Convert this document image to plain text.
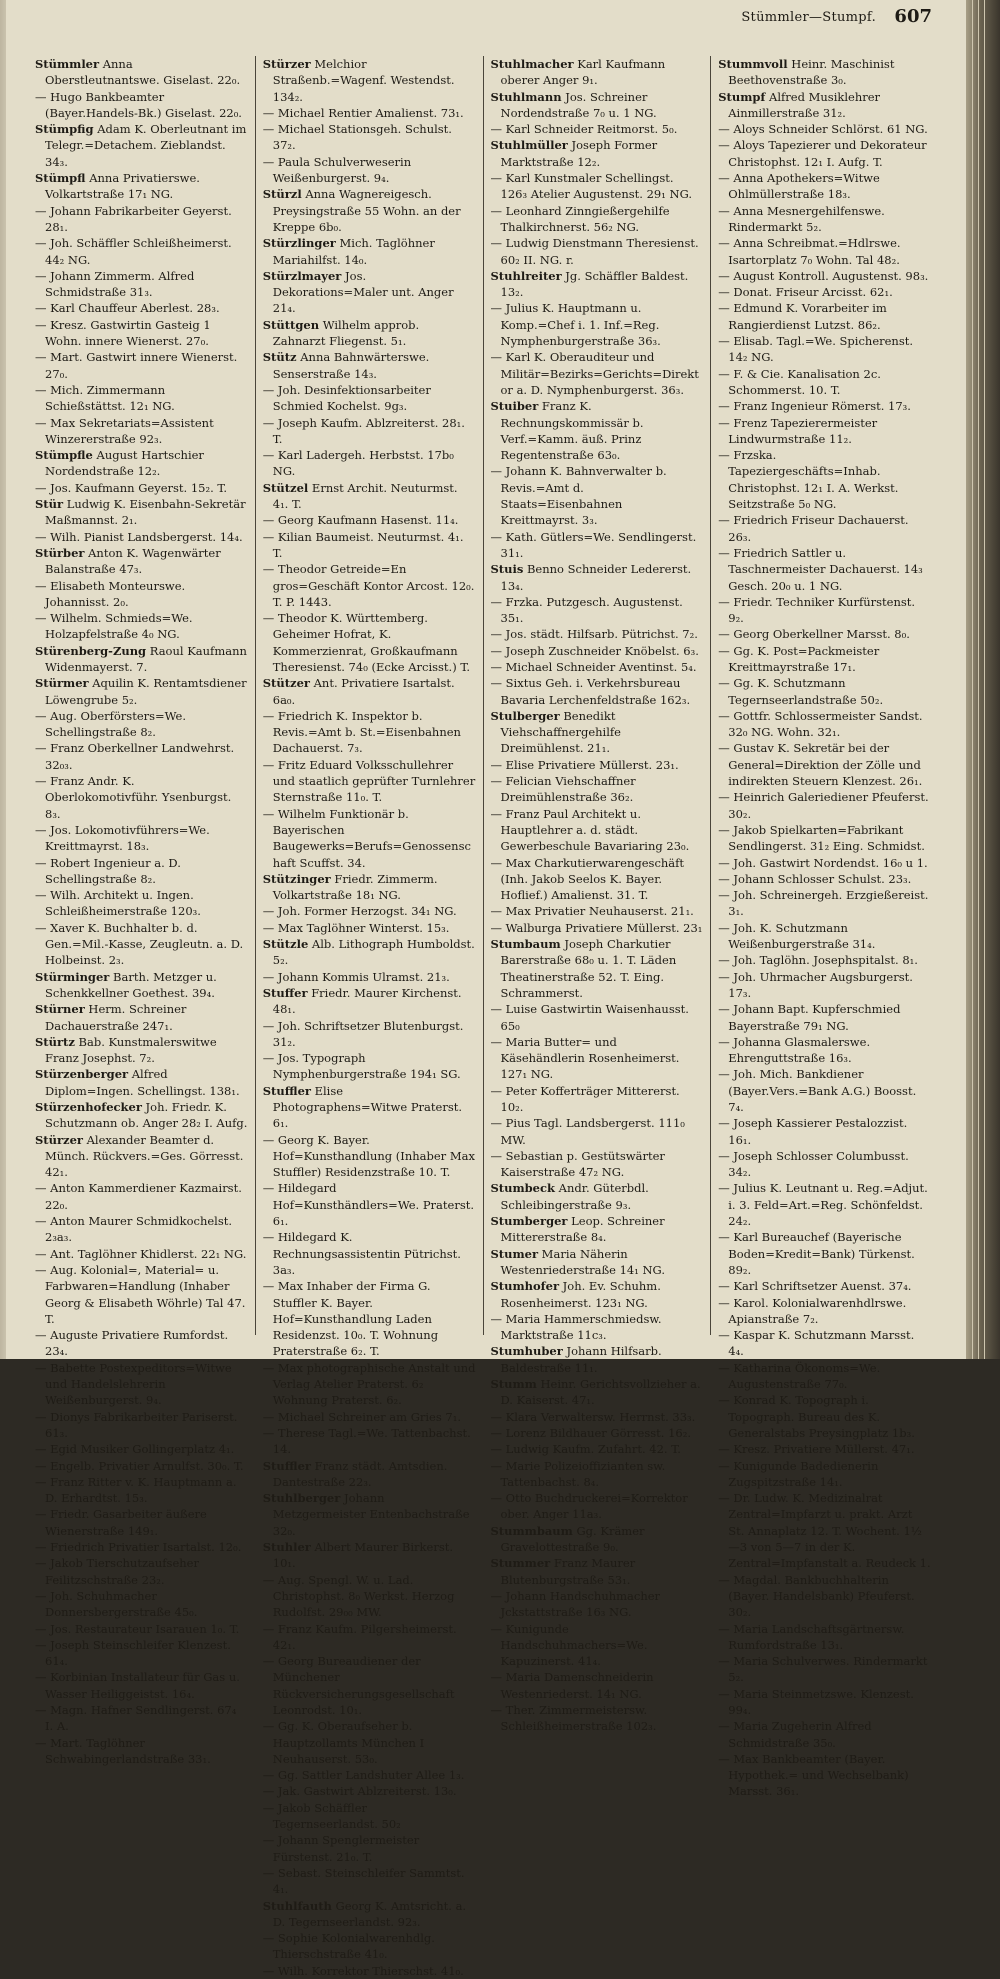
Stümmler—Stumpf. 607

Stümmler Anna Oberstleutnantswe. Giselast. 22₀.

— Hugo Bankbeamter (Bayer.Handels-Bk.) Giselast. 22₀.

Stümpfig Adam K. Oberleutnant im Telegr.=Detachem. Zieblandst. 34₃.

Stümpfl Anna Privatierswe. Volkartstraße 17₁ NG.

— Johann Fabrikarbeiter Geyerst. 28₁.

— Joh. Schäffler Schleißheimerst. 44₂ NG.

— Johann Zimmerm. Alfred Schmidstraße 31₃.

— Karl Chauffeur Aberlest. 28₃.

— Kresz. Gastwirtin Gasteig 1 Wohn. innere Wienerst. 27₀.

— Mart. Gastwirt innere Wienerst. 27₀.

— Mich. Zimmermann Schießstättst. 12₁ NG.

— Max Sekretariats=Assistent Winzererstraße 92₃.

Stümpfle August Hartschier Nordendstraße 12₂.

— Jos. Kaufmann Geyerst. 15₂. T.

Stür Ludwig K. Eisenbahn-Sekretär Maßmannst. 2₁.

— Wilh. Pianist Landsbergerst. 14₄.

Stürber Anton K. Wagenwärter Balanstraße 47₃.

— Elisabeth Monteurswe. Johannisst. 2₀.

— Wilhelm. Schmieds=We. Holzapfelstraße 4₀ NG.

Stürenberg-Zung Raoul Kaufmann Widenmayerst. 7.

Stürmer Aquilin K. Rentamtsdiener Löwengrube 5₂.

— Aug. Oberförsters=We. Schellingstraße 8₂.

— Franz Oberkellner Landwehrst. 32₀₃.

— Franz Andr. K. Oberlokomotivführ. Ysenburgst. 8₃.

— Jos. Lokomotivführers=We. Kreittmayrst. 18₃.

— Robert Ingenieur a. D. Schellingstraße 8₂.

— Wilh. Architekt u. Ingen. Schleißheimerstraße 120₃.

— Xaver K. Buchhalter b. d. Gen.=Mil.-Kasse, Zeugleutn. a. D. Holbeinst. 2₃.

Stürminger Barth. Metzger u. Schenkkellner Goethest. 39₄.

Stürner Herm. Schreiner Dachauerstraße 247₁.

Stürtz Bab. Kunstmalerswitwe Franz Josephst. 7₂.

Stürzenberger Alfred Diplom=Ingen. Schellingst. 138₁.

Stürzenhofecker Joh. Friedr. K. Schutzmann ob. Anger 28₂ I. Aufg.

Stürzer Alexander Beamter d. Münch. Rückvers.=Ges. Görresst. 42₁.

— Anton Kammerdiener Kazmairst. 22₀.

— Anton Maurer Schmidkochelst. 2₃a₃.

— Ant. Taglöhner Khidlerst. 22₁ NG.

— Aug. Kolonial=, Material= u. Farbwaren=Handlung (Inhaber Georg & Elisabeth Wöhrle) Tal 47. T.

— Auguste Privatiere Rumfordst. 23₄.

— Babette Postexpeditors=Witwe und Handelslehrerin Weißenburgerst. 9₄.

— Dionys Fabrikarbeiter Pariserst. 61₃.

— Egid Musiker Gollingerplatz 4₁.

— Engelb. Privatier Arnulfst. 30₀. T.

— Franz Ritter v. K. Hauptmann a. D. Erhardtst. 15₃.

— Friedr. Gasarbeiter äußere Wienerstraße 149₁.

— Friedrich Privatier Isartalst. 12₀.

— Jakob Tierschutzaufseher Feilitzschstraße 23₂.

— Joh. Schuhmacher Donnersbergerstraße 45₀.

— Jos. Restaurateur Isarauen 1₀. T.

— Joseph Steinschleifer Klenzest. 61₄.

— Korbinian Installateur für Gas u. Wasser Heiliggeistst. 16₄.

— Magn. Hafner Sendlingerst. 67₄ I. A.

— Mart. Taglöhner Schwabingerlandstraße 33₁.

Stürzer Melchior Straßenb.=Wagenf. Westendst. 134₂.

— Michael Rentier Amalienst. 73₁.

— Michael Stationsgeh. Schulst. 37₂.

— Paula Schulverweserin Weißenburgerst. 9₄.

Stürzl Anna Wagnereigesch. Preysingstraße 55 Wohn. an der Kreppe 6b₀.

Stürzlinger Mich. Taglöhner Mariahilfst. 14₀.

Stürzlmayer Jos. Dekorations=Maler unt. Anger 21₄.

Stüttgen Wilhelm approb. Zahnarzt Fliegenst. 5₁.

Stütz Anna Bahnwärterswe. Senserstraße 14₃.

— Joh. Desinfektionsarbeiter Schmied Kochelst. 9g₃.

— Joseph Kaufm. Ablzreiterst. 28₁. T.

— Karl Ladergeh. Herbstst. 17b₀ NG.

Stützel Ernst Archit. Neuturmst. 4₁. T.

— Georg Kaufmann Hasenst. 11₄.

— Kilian Baumeist. Neuturmst. 4₁. T.

— Theodor Getreide=En gros=Geschäft Kontor Arcost. 12₀. T. P. 1443.

— Theodor K. Württemberg. Geheimer Hofrat, K. Kommerzienrat, Großkaufmann Theresienst. 74₀ (Ecke Arcisst.) T.

Stützer Ant. Privatiere Isartalst. 6a₀.

— Friedrich K. Inspektor b. Revis.=Amt b. St.=Eisenbahnen Dachauerst. 7₃.

— Fritz Eduard Volksschullehrer und staatlich geprüfter Turnlehrer Sternstraße 11₀. T.

— Wilhelm Funktionär b. Bayerischen Baugewerks=Berufs=Genossenschaft Scuffst. 34.

Stützinger Friedr. Zimmerm. Volkartstraße 18₁ NG.

— Joh. Former Herzogst. 34₁ NG.

— Max Taglöhner Winterst. 15₃.

Stützle Alb. Lithograph Humboldst. 5₂.

— Johann Kommis Ulramst. 21₃.

Stuffer Friedr. Maurer Kirchenst. 48₁.

— Joh. Schriftsetzer Blutenburgst. 31₂.

— Jos. Typograph Nymphenburgerstraße 194₁ SG.

Stuffler Elise Photographens=Witwe Praterst. 6₁.

— Georg K. Bayer. Hof=Kunsthandlung (Inhaber Max Stuffler) Residenzstraße 10. T.

— Hildegard Hof=Kunsthändlers=We. Praterst. 6₁.

— Hildegard K. Rechnungsassistentin Pütrichst. 3a₃.

— Max Inhaber der Firma G. Stuffler K. Bayer. Hof=Kunsthandlung Laden Residenzst. 10₀. T. Wohnung Praterstraße 6₂. T.

— Max photographische Anstalt und Verlag Atelier Praterst. 6₂ Wohnung Praterst. 6₂.

— Michael Schreiner am Gries 7₁.

— Therese Tagl.=We. Tattenbachst. 14.

Stuffler Franz städt. Amtsdien. Dantestraße 22₃.

Stuhlberger Johann Metzgermeister Entenbachstraße 32₀.

Stuhler Albert Maurer Birkerst. 10₁.

— Aug. Spengl. W. u. Lad. Christophst. 8₀ Werkst. Herzog Rudolfst. 29₀₀ MW.

— Franz Kaufm. Pilgersheimerst. 42₁.

— Georg Bureaudiener der Münchener Rückversicherungsgesellschaft Leonrodst. 10₁.

— Gg. K. Oberaufseher b. Hauptzollamts München I Neuhauserst. 53₀.

— Gg. Sattler Landshuter Allee 1₃.

— Jak. Gastwirt Ablzreiterst. 13₀.

— Jakob Schäffler Tegernseerlandst. 50₂

— Johann Spenglermeister Fürstenst. 21₀. T.

— Sebast. Steinschleifer Sammtst. 4₁.

Stuhlfauth Georg K. Amtsricht. a. D. Tegernseerlandst. 92₃.

— Sophie Kolonialwarenhdlg. Thierschstraße 41₀.

— Wilh. Korrektor Thierschst. 41₀.

Stuhlmacher Karl Kaufmann oberer Anger 9₁.

Stuhlmann Jos. Schreiner Nordendstraße 7₀ u. 1 NG.

— Karl Schneider Reitmorst. 5₀.

Stuhlmüller Joseph Former Marktstraße 12₂.

— Karl Kunstmaler Schellingst. 126₃ Atelier Augustenst. 29₁ NG.

— Leonhard Zinngießergehilfe Thalkirchnerst. 56₂ NG.

— Ludwig Dienstmann Theresienst. 60₂ II. NG. r.

Stuhlreiter Jg. Schäffler Baldest. 13₂.

— Julius K. Hauptmann u. Komp.=Chef i. 1. Inf.=Reg. Nymphenburgerstraße 36₃.

— Karl K. Oberauditeur und Militär=Bezirks=Gerichts=Direktor a. D. Nymphenburgerst. 36₃.

Stuiber Franz K. Rechnungskommissär b. Verf.=Kamm. äuß. Prinz Regentenstraße 63₀.

— Johann K. Bahnverwalter b. Revis.=Amt d. Staats=Eisenbahnen Kreittmayrst. 3₃.

— Kath. Gütlers=We. Sendlingerst. 31₁.

Stuis Benno Schneider Ledererst. 13₄.

— Frzka. Putzgesch. Augustenst. 35₁.

— Jos. städt. Hilfsarb. Pütrichst. 7₂.

— Joseph Zuschneider Knöbelst. 6₃.

— Michael Schneider Aventinst. 5₄.

— Sixtus Geh. i. Verkehrsbureau Bavaria Lerchenfeldstraße 162₃.

Stulberger Benedikt Viehschaffnergehilfe Dreimühlenst. 21₁.

— Elise Privatiere Müllerst. 23₁.

— Felician Viehschaffner Dreimühlenstraße 36₂.

— Franz Paul Architekt u. Hauptlehrer a. d. städt. Gewerbeschule Bavariaring 23₀.

— Max Charkutierwarengeschäft (Inh. Jakob Seelos K. Bayer. Hoflief.) Amalienst. 31. T.

— Max Privatier Neuhauserst. 21₁.

— Walburga Privatiere Müllerst. 23₁

Stumbaum Joseph Charkutier Barerstraße 68₀ u. 1. T. Läden Theatinerstraße 52. T. Eing. Schrammerst.

— Luise Gastwirtin Waisenhausst. 65₀

— Maria Butter= und Käsehändlerin Rosenheimerst. 127₁ NG.

— Peter Kofferträger Mittererst. 10₂.

— Pius Tagl. Landsbergerst. 111₀ MW.

— Sebastian p. Gestütswärter Kaiserstraße 47₂ NG.

Stumbeck Andr. Güterbdl. Schleibingerstraße 9₃.

Stumberger Leop. Schreiner Mittererstraße 8₄.

Stumer Maria Näherin Westenriederstraße 14₁ NG.

Stumhofer Joh. Ev. Schuhm. Rosenheimerst. 123₁ NG.

— Maria Hammerschmiedsw. Marktstraße 11c₃.

Stumhuber Johann Hilfsarb. Baldestraße 11₁.

Stumm Heinr. Gerichtsvollzieher a. D. Kaiserst. 47₁.

— Klara Verwaltersw. Herrnst. 33₃.

— Lorenz Bildhauer Görresst. 16₂.

— Ludwig Kaufm. Zufahrt. 42. T.

— Marie Polizeioffizianten sw. Tattenbachst. 8₄.

— Otto Buchdruckerei=Korrektor ober. Anger 11a₃.

Stummbaum Gg. Krämer Gravelottestraße 9₀.

Stummer Franz Maurer Blutenburgstraße 53₁.

— Johann Handschuhmacher Jckstattstraße 16₃ NG.

— Kunigunde Handschuhmachers=We. Kapuzinerst. 41₄.

— Maria Damenschneiderin Westenriederst. 14₁ NG.

— Ther. Zimmermeistersw. Schleißheimerstraße 102₃.

Stummvoll Heinr. Maschinist Beethovenstraße 3₀.

Stumpf Alfred Musiklehrer Ainmillerstraße 31₂.

— Aloys Schneider Schlörst. 61 NG.

— Aloys Tapezierer und Dekorateur Christophst. 12₁ I. Aufg. T.

— Anna Apothekers=Witwe Ohlmüllerstraße 18₃.

— Anna Mesnergehilfenswe. Rindermarkt 5₂.

— Anna Schreibmat.=Hdlrswe. Isartorplatz 7₀ Wohn. Tal 48₂.

— August Kontroll. Augustenst. 98₃.

— Donat. Friseur Arcisst. 62₁.

— Edmund K. Vorarbeiter im Rangierdienst Lutzst. 86₂.

— Elisab. Tagl.=We. Spicherenst. 14₂ NG.

— F. & Cie. Kanalisation 2c. Schommerst. 10. T.

— Franz Ingenieur Römerst. 17₃.

— Frenz Tapezierermeister Lindwurmstraße 11₂.

— Frzska. Tapeziergeschäfts=Inhab. Christophst. 12₁ I. A. Werkst. Seitzstraße 5₀ NG.

— Friedrich Friseur Dachauerst. 26₃.

— Friedrich Sattler u. Taschnermeister Dachauerst. 14₃ Gesch. 20₀ u. 1 NG.

— Friedr. Techniker Kurfürstenst. 9₂.

— Georg Oberkellner Marsst. 8₀.

— Gg. K. Post=Packmeister Kreittmayrstraße 17₁.

— Gg. K. Schutzmann Tegernseerlandstraße 50₂.

— Gottfr. Schlossermeister Sandst. 32₀ NG. Wohn. 32₁.

— Gustav K. Sekretär bei der General=Direktion der Zölle und indirekten Steuern Klenzest. 26₁.

— Heinrich Galeriediener Pfeuferst. 30₂.

— Jakob Spielkarten=Fabrikant Sendlingerst. 31₂ Eing. Schmidst.

— Joh. Gastwirt Nordendst. 16₀ u 1.

— Johann Schlosser Schulst. 23₃.

— Joh. Schreinergeh. Erzgießereist. 3₁.

— Joh. K. Schutzmann Weißenburgerstraße 31₄.

— Joh. Taglöhn. Josephspitalst. 8₁.

— Joh. Uhrmacher Augsburgerst. 17₃.

— Johann Bapt. Kupferschmied Bayerstraße 79₁ NG.

— Johanna Glasmalerswe. Ehrenguttstraße 16₃.

— Joh. Mich. Bankdiener (Bayer.Vers.=Bank A.G.) Boosst. 7₄.

— Joseph Kassierer Pestalozzist. 16₁.

— Joseph Schlosser Columbusst. 34₂.

— Julius K. Leutnant u. Reg.=Adjut. i. 3. Feld=Art.=Reg. Schönfeldst. 24₂.

— Karl Bureauchef (Bayerische Boden=Kredit=Bank) Türkenst. 89₂.

— Karl Schriftsetzer Auenst. 37₄.

— Karol. Kolonialwarenhdlrswe. Apianstraße 7₂.

— Kaspar K. Schutzmann Marsst. 4₄.

— Katharina Ökonoms=We. Augustenstraße 77₀.

— Konrad K. Topograph i. Topograph. Bureau des K. Generalstabs Preysingplatz 1b₃.

— Kresz. Privatiere Müllerst. 47₁.

— Kunigunde Badedienerin Zugspitzstraße 14₁.

— Dr. Ludw. K. Medizinalrat Zentral=Impfarzt u. prakt. Arzt St. Annaplatz 12. T. Wochent. 1½—3 von 5—7 in der K. Zentral=Impfanstalt a. Reudeck 1.

— Magdal. Bankbuchhalterin (Bayer. Handelsbank) Pfeuferst. 30₂.

— Maria Landschaftsgärtnersw. Rumfordstraße 13₁.

— Maria Schulverwes. Rindermarkt 5₂.

— Maria Steinmetzswe. Klenzest. 99₄.

— Maria Zugeherin Alfred Schmidstraße 35₀.

— Max Bankbeamter (Bayer. Hypothek.= und Wechselbank) Marsst. 36₁.
